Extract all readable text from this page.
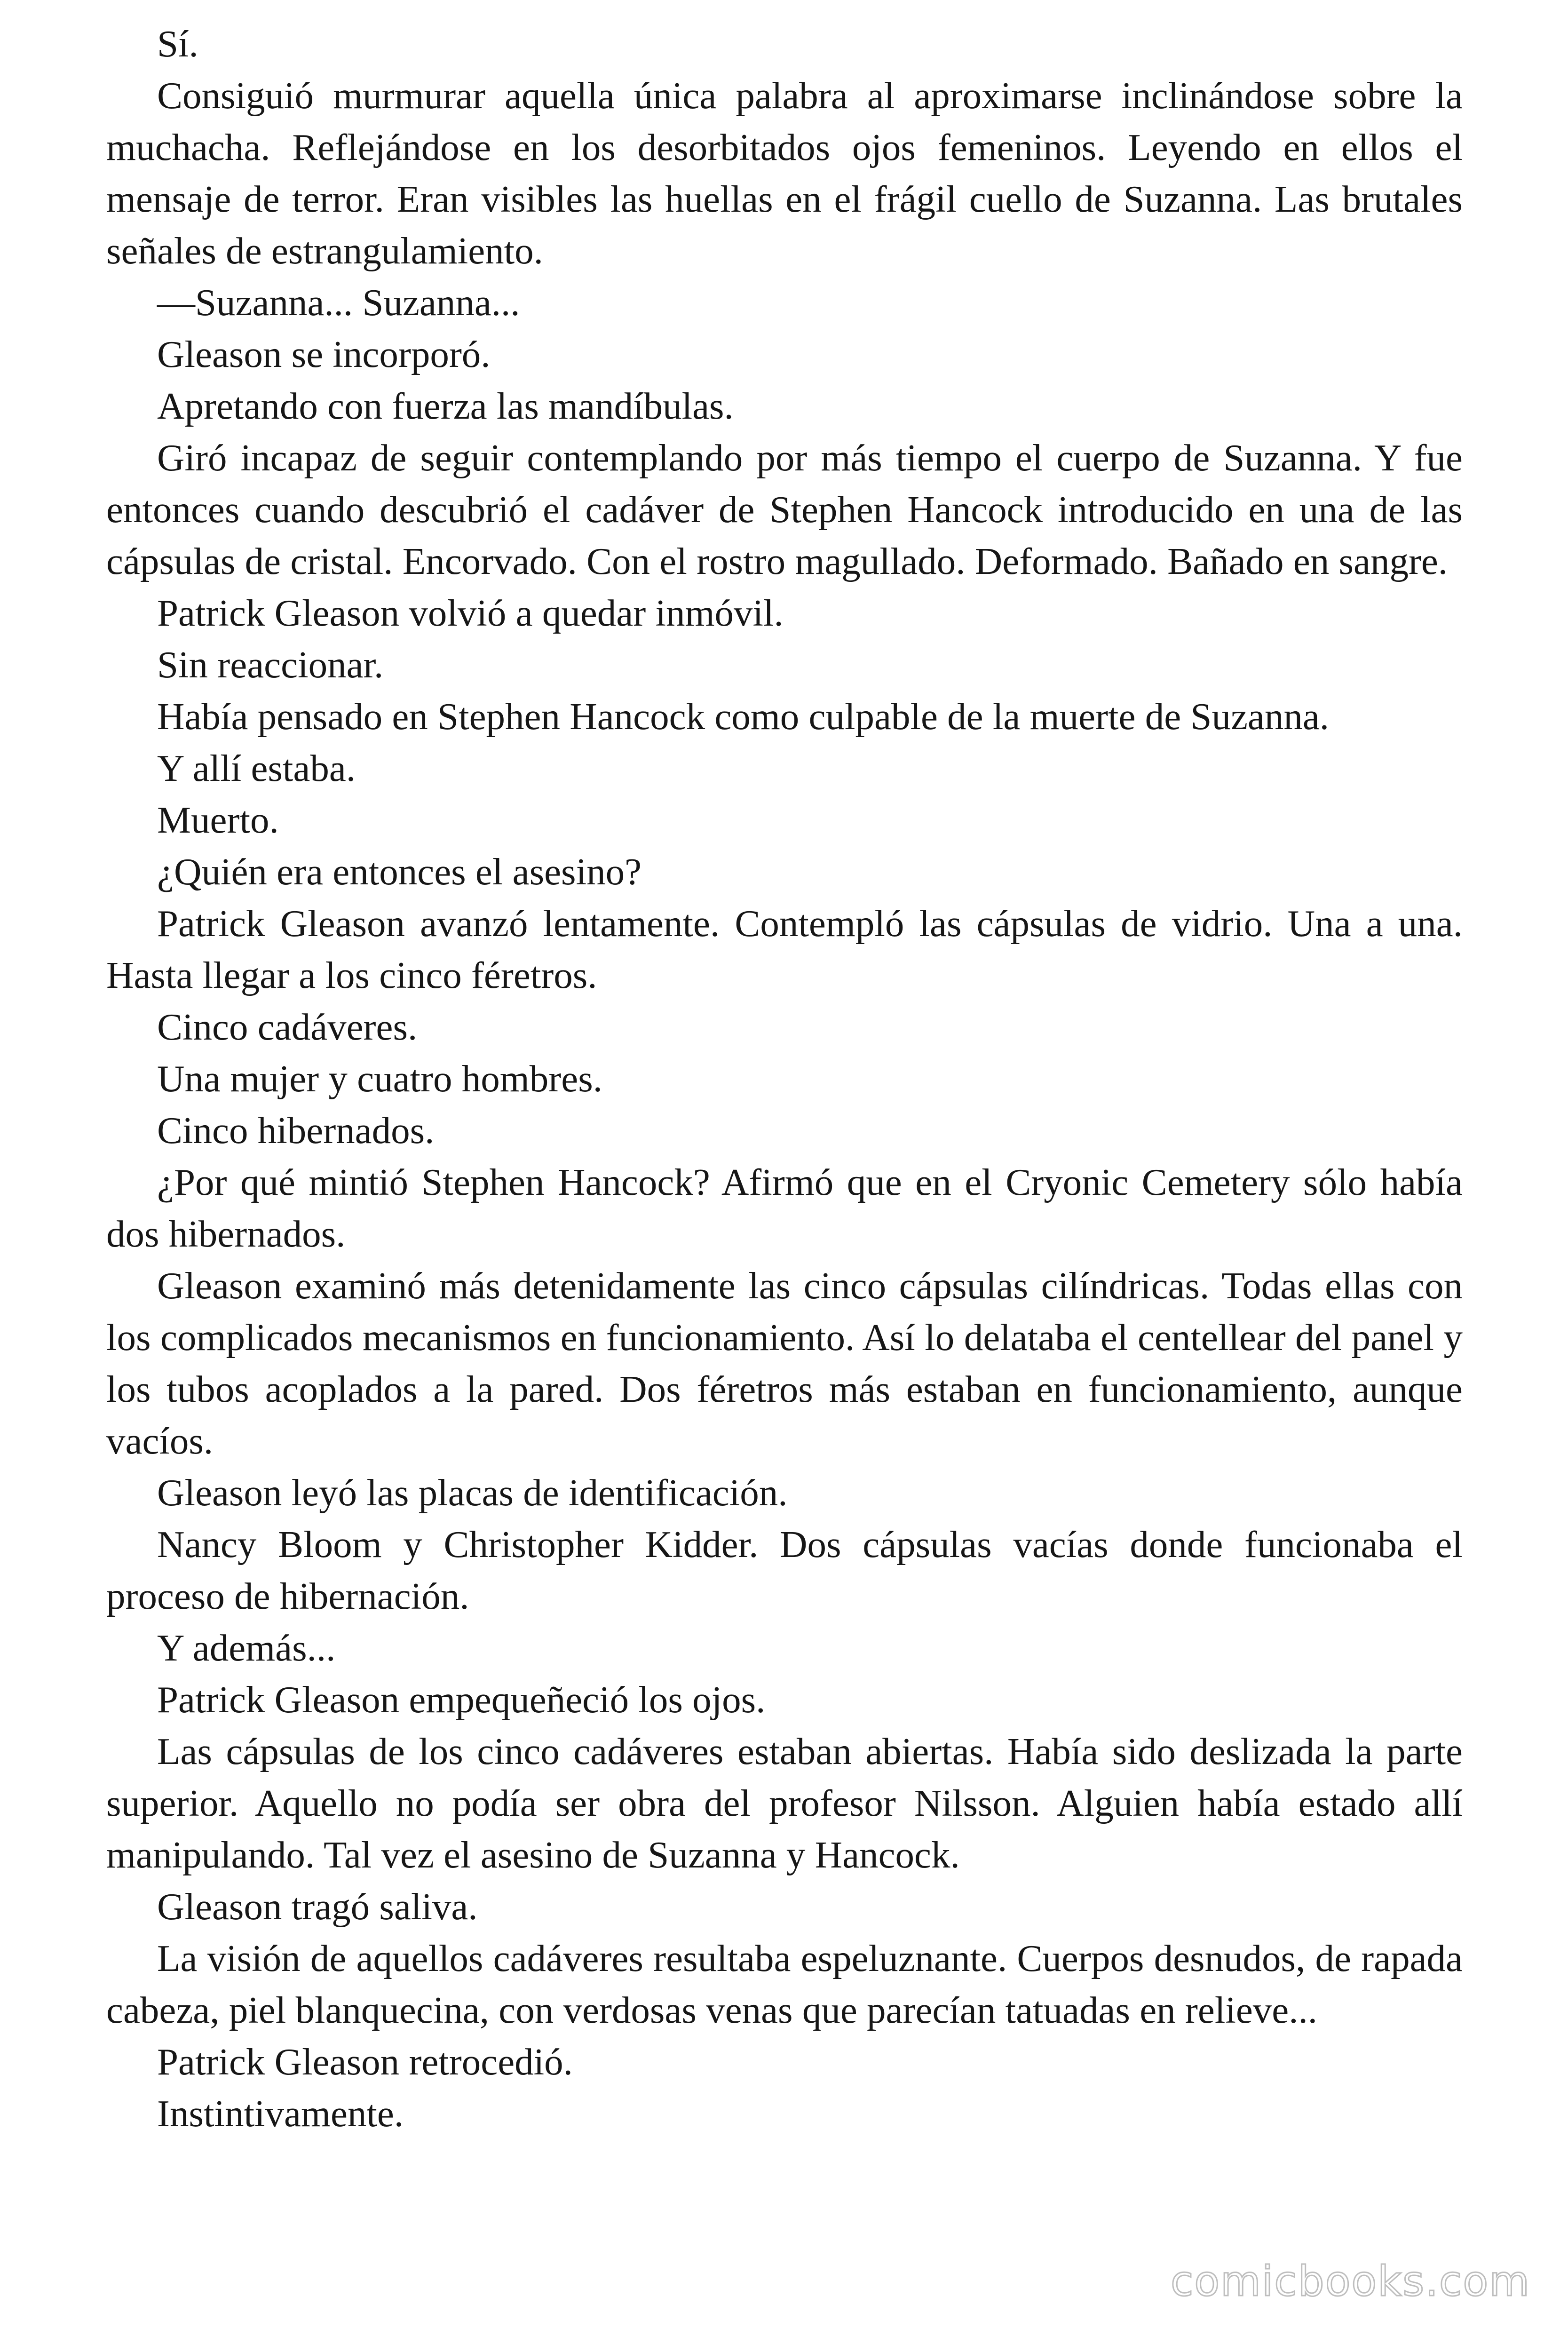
Sí.

Consiguió murmurar aquella única palabra al aproximarse inclinándose sobre la muchacha. Reflejándose en los desorbitados ojos femeninos. Leyendo en ellos el mensaje de terror. Eran visibles las huellas en el frágil cuello de Suzanna. Las brutales señales de estrangulamiento.

—Suzanna... Suzanna...

Gleason se incorporó.

Apretando con fuerza las mandíbulas.

Giró incapaz de seguir contemplando por más tiempo el cuerpo de Suzanna. Y fue entonces cuando descubrió el cadáver de Stephen Hancock introducido en una de las cápsulas de cristal. Encorvado. Con el rostro magullado. Deformado. Bañado en sangre.

Patrick Gleason volvió a quedar inmóvil.

Sin reaccionar.

Había pensado en Stephen Hancock como culpable de la muerte de Suzanna.

Y allí estaba.

Muerto.

¿Quién era entonces el asesino?

Patrick Gleason avanzó lentamente. Contempló las cápsulas de vidrio. Una a una. Hasta llegar a los cinco féretros.

Cinco cadáveres.

Una mujer y cuatro hombres.

Cinco hibernados.

¿Por qué mintió Stephen Hancock? Afirmó que en el Cryonic Cemetery sólo había dos hibernados.

Gleason examinó más detenidamente las cinco cápsulas cilíndricas. Todas ellas con los complicados mecanismos en funcionamiento. Así lo delataba el centellear del panel y los tubos acoplados a la pared. Dos féretros más estaban en funcionamiento, aunque vacíos.

Gleason leyó las placas de identificación.

Nancy Bloom y Christopher Kidder. Dos cápsulas vacías donde funcionaba el proceso de hibernación.

Y además...

Patrick Gleason empequeñeció los ojos.

Las cápsulas de los cinco cadáveres estaban abiertas. Había sido deslizada la parte superior. Aquello no podía ser obra del profesor Nilsson. Alguien había estado allí manipulando. Tal vez el asesino de Suzanna y Hancock.

Gleason tragó saliva.

La visión de aquellos cadáveres resultaba espeluznante. Cuerpos desnudos, de rapada cabeza, piel blanquecina, con verdosas venas que parecían tatuadas en relieve...

Patrick Gleason retrocedió.

Instintivamente.

comicbooks.com
